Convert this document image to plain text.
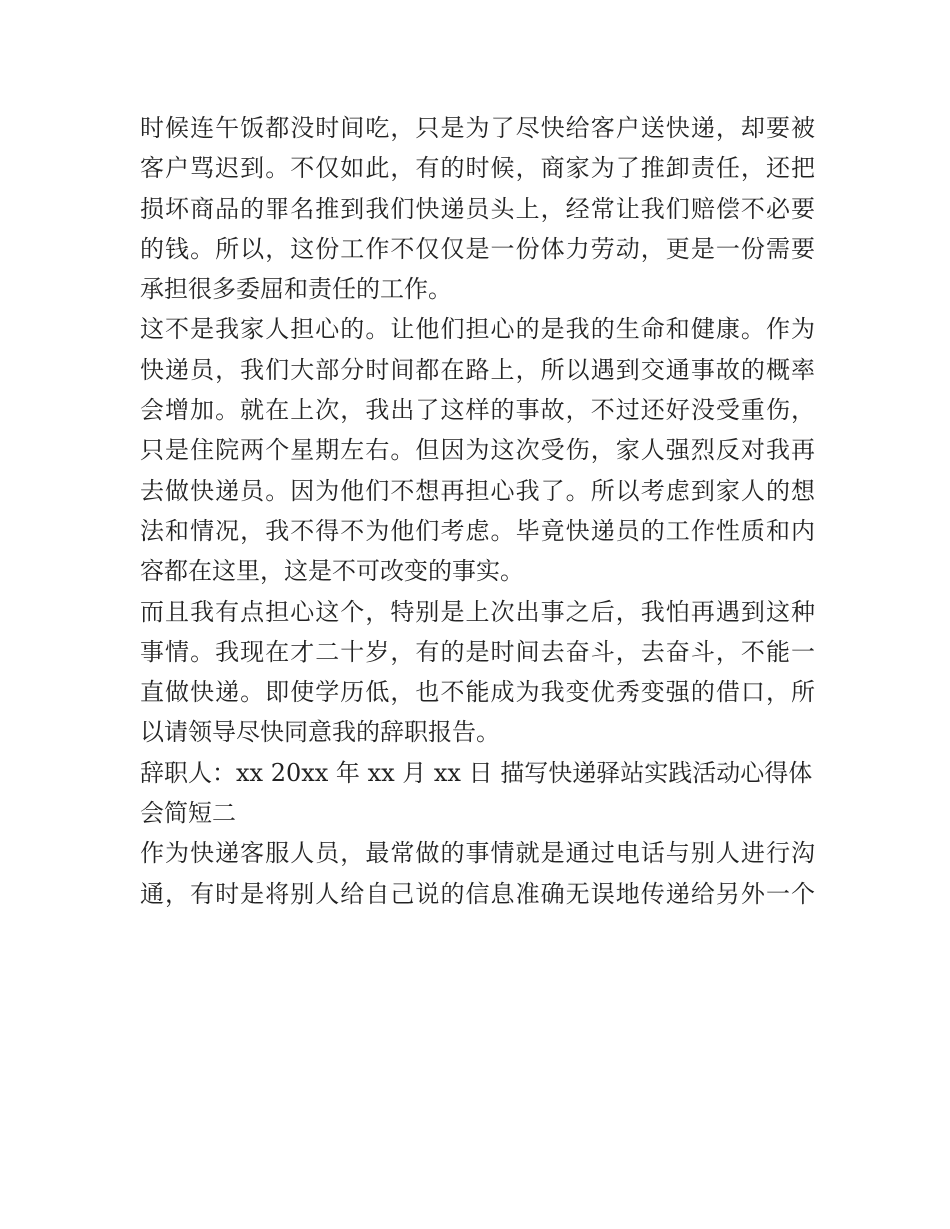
时候连午饭都没时间吃，只是为了尽快给客户送快递，却要被
客户骂迟到。不仅如此，有的时候，商家为了推卸责任，还把
损坏商品的罪名推到我们快递员头上，经常让我们赔偿不必要
的钱。所以，这份工作不仅仅是一份体力劳动，更是一份需要
承担很多委屈和责任的工作。
这不是我家人担心的。让他们担心的是我的生命和健康。作为
快递员，我们大部分时间都在路上，所以遇到交通事故的概率
会增加。就在上次，我出了这样的事故，不过还好没受重伤，
只是住院两个星期左右。但因为这次受伤，家人强烈反对我再
去做快递员。因为他们不想再担心我了。所以考虑到家人的想
法和情况，我不得不为他们考虑。毕竟快递员的工作性质和内
容都在这里，这是不可改变的事实。
而且我有点担心这个，特别是上次出事之后，我怕再遇到这种
事情。我现在才二十岁，有的是时间去奋斗，去奋斗，不能一
直做快递。即使学历低，也不能成为我变优秀变强的借口，所
以请领导尽快同意我的辞职报告。
辞职人：xx 20xx 年 xx 月 xx 日 描写快递驿站实践活动心得体
会简短二
作为快递客服人员，最常做的事情就是通过电话与别人进行沟
通，有时是将别人给自己说的信息准确无误地传递给另外一个
